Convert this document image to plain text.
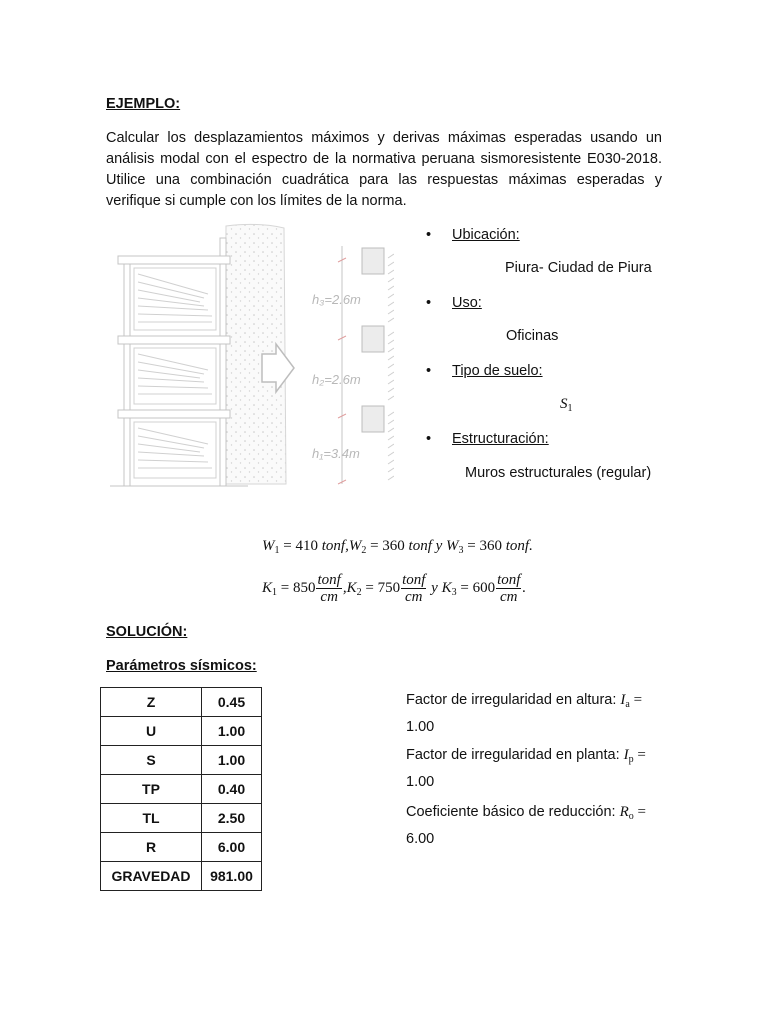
EJEMPLO:
Calcular los desplazamientos máximos y derivas máximas esperadas usando un análisis modal con el espectro de la normativa peruana sismoresistente E030-2018. Utilice una combinación cuadrática para las respuestas máximas esperadas y verifique si cumple con los límites de la norma.
h₃=2.6m
h₂=2.6m
h₁=3.4m
Ubicación:
Piura- Ciudad de Piura
Uso:
Oficinas
Tipo de suelo:
$S_1$
Estructuración:
Muros estructurales (regular)
$W_1 = 410$ $tonf,W_2 = 360$ tonf y $W_3 = 360$ tonf.
$K_1 = 850 \frac{\text{tonf}}{cm} ,K_2 = 750 \frac{\text{tonf}}{cm}$ y $K_3 = 600 \frac{\text{tonf}}{cm}$ .
SOLUCIÓN:
Parámetros sísmicos:
Z	0.45
U	1.00
S	1.00
TP	0.40
TL	2.50
R	6.00
GRAVEDAD	981.00
Factor de irregularidad en altura: $I_a$ =
1.00
Factor de irregularidad en planta: $I_p$ =
1.00
Coeficiente básico de reducción: $R_o$ =
6.00
